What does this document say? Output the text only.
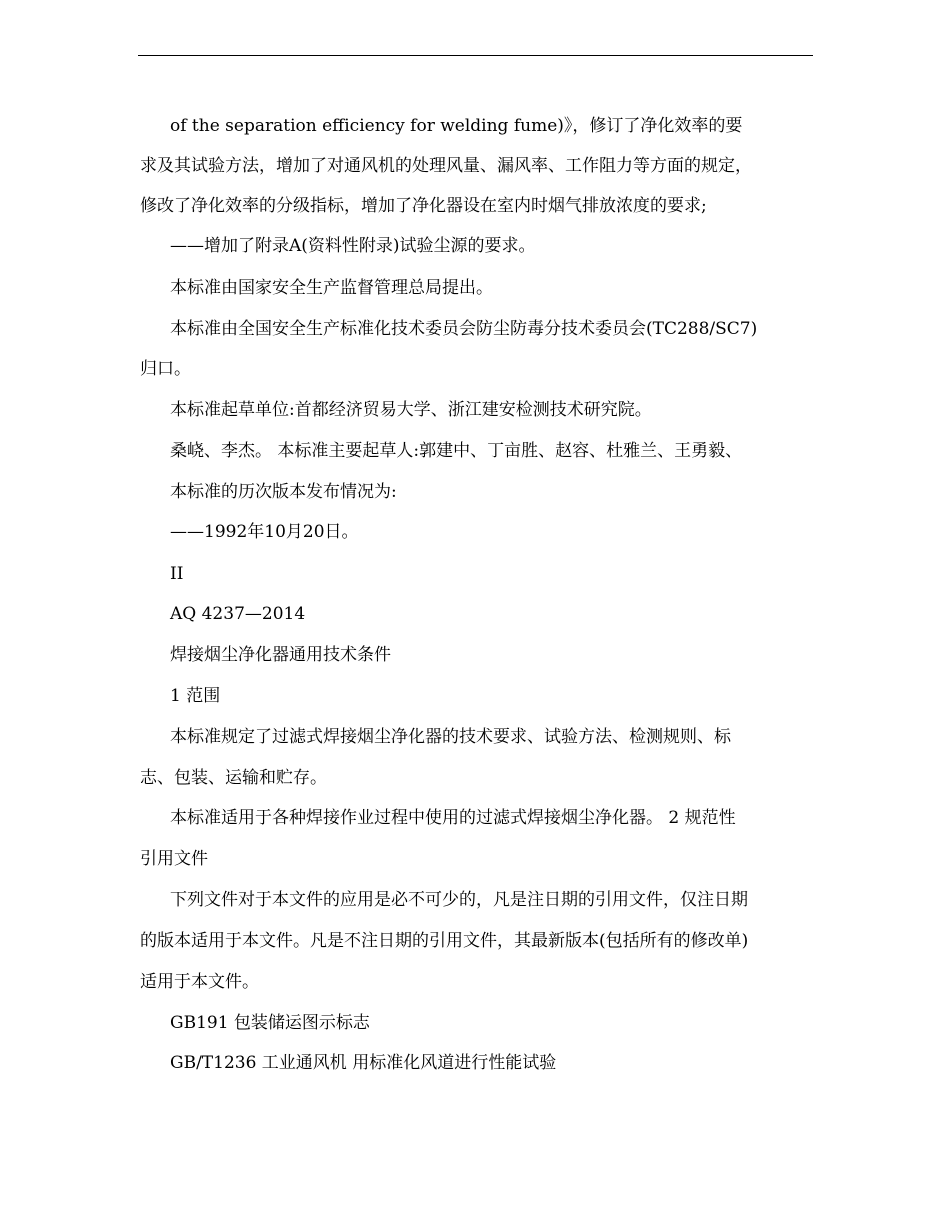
of the separation efficiency for welding fume)》，修订了净化效率的要
求及其试验方法，增加了对通风机的处理风量、漏风率、工作阻力等方面的规定，
修改了净化效率的分级指标，增加了净化器设在室内时烟气排放浓度的要求;
——增加了附录A(资料性附录)试验尘源的要求。
本标准由国家安全生产监督管理总局提出。
本标准由全国安全生产标准化技术委员会防尘防毒分技术委员会(TC288/SC7)
归口。
本标准起草单位:首都经济贸易大学、浙江建安检测技术研究院。
桑峣、李杰。 本标准主要起草人:郭建中、丁亩胜、赵容、杜雅兰、王勇毅、
本标准的历次版本发布情况为:
——1992年10月20日。
II
AQ 4237—2014
焊接烟尘净化器通用技术条件
1 范围
本标准规定了过滤式焊接烟尘净化器的技术要求、试验方法、检测规则、标
志、包装、运输和贮存。
本标准适用于各种焊接作业过程中使用的过滤式焊接烟尘净化器。 2 规范性
引用文件
下列文件对于本文件的应用是必不可少的，凡是注日期的引用文件，仅注日期
的版本适用于本文件。凡是不注日期的引用文件，其最新版本(包括所有的修改单)
适用于本文件。
GB191 包装储运图示标志
GB/T1236 工业通风机 用标准化风道进行性能试验
